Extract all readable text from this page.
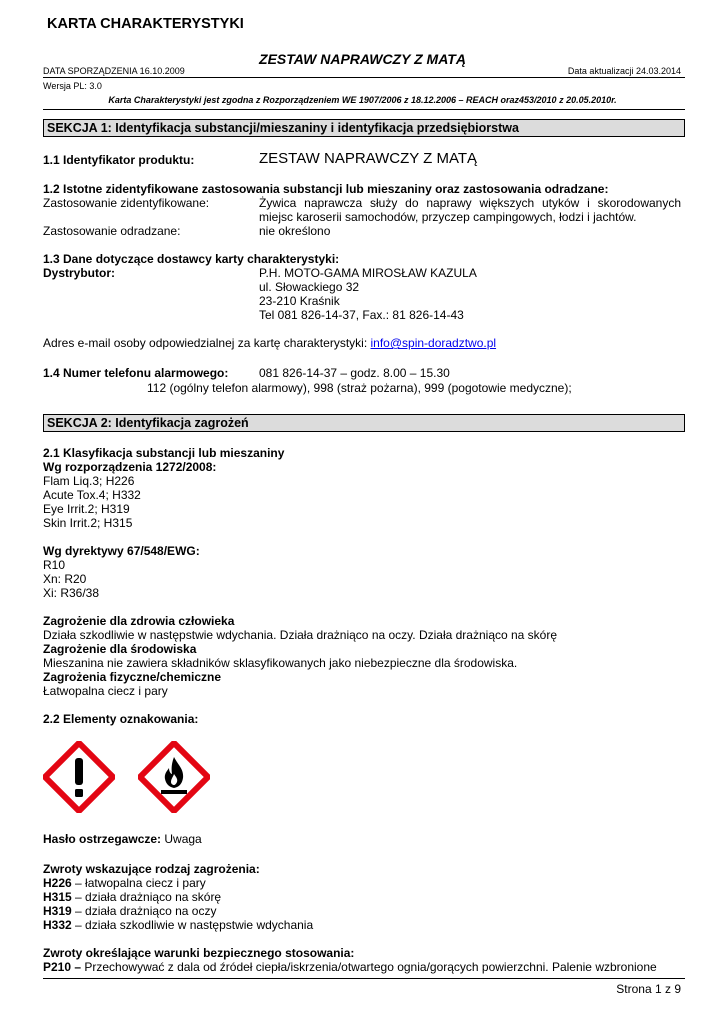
KARTA CHARAKTERYSTYKI
ZESTAW NAPRAWCZY Z MATĄ
DATA SPORZĄDZENIA 16.10.2009	Data aktualizacji 24.03.2014
Wersja PL: 3.0
Karta Charakterystyki jest zgodna z Rozporządzeniem WE 1907/2006 z 18.12.2006 – REACH oraz453/2010 z 20.05.2010r.
SEKCJA 1: Identyfikacja substancji/mieszaniny i identyfikacja przedsiębiorstwa
1.1 Identyfikator produktu:	ZESTAW NAPRAWCZY Z MATĄ
1.2 Istotne zidentyfikowane zastosowania substancji lub mieszaniny oraz zastosowania odradzane:
Zastosowanie zidentyfikowane:	Żywica naprawcza służy do naprawy większych utyków i skorodowanych
miejsc karoserii samochodów, przyczep campingowych, łodzi i jachtów.
Zastosowanie odradzane:	nie określono
1.3 Dane dotyczące dostawcy karty charakterystyki:
Dystrybutor:	P.H. MOTO-GAMA MIROSŁAW KAZULA
ul. Słowackiego 32
23-210 Kraśnik
Tel 081 826-14-37, Fax.: 81 826-14-43
Adres e-mail osoby odpowiedzialnej za kartę charakterystyki: info@spin-doradztwo.pl
1.4 Numer telefonu alarmowego:	081 826-14-37 – godz. 8.00 – 15.30
112 (ogólny telefon alarmowy), 998 (straż pożarna), 999 (pogotowie medyczne);
SEKCJA 2: Identyfikacja zagrożeń
2.1 Klasyfikacja substancji lub mieszaniny
Wg rozporządzenia 1272/2008:
Flam Liq.3; H226
Acute Tox.4; H332
Eye Irrit.2; H319
Skin Irrit.2; H315
Wg dyrektywy 67/548/EWG:
R10
Xn: R20
Xi: R36/38
Zagrożenie dla zdrowia człowieka
Działa szkodliwie w następstwie wdychania. Działa drażniąco na oczy. Działa drażniąco na skórę
Zagrożenie dla środowiska
Mieszanina nie zawiera składników sklasyfikowanych jako niebezpieczne dla środowiska.
Zagrożenia fizyczne/chemiczne
Łatwopalna ciecz i pary
2.2 Elementy oznakowania:
Hasło ostrzegawcze: Uwaga
Zwroty wskazujące rodzaj zagrożenia:
H226 – łatwopalna ciecz i pary
H315 – działa drażniąco na skórę
H319 – działa drażniąco na oczy
H332 – działa szkodliwie w następstwie wdychania
Zwroty określające warunki bezpiecznego stosowania:
P210 – Przechowywać z dala od źródeł ciepła/iskrzenia/otwartego ognia/gorących powierzchni. Palenie wzbronione
Strona 1 z 9
